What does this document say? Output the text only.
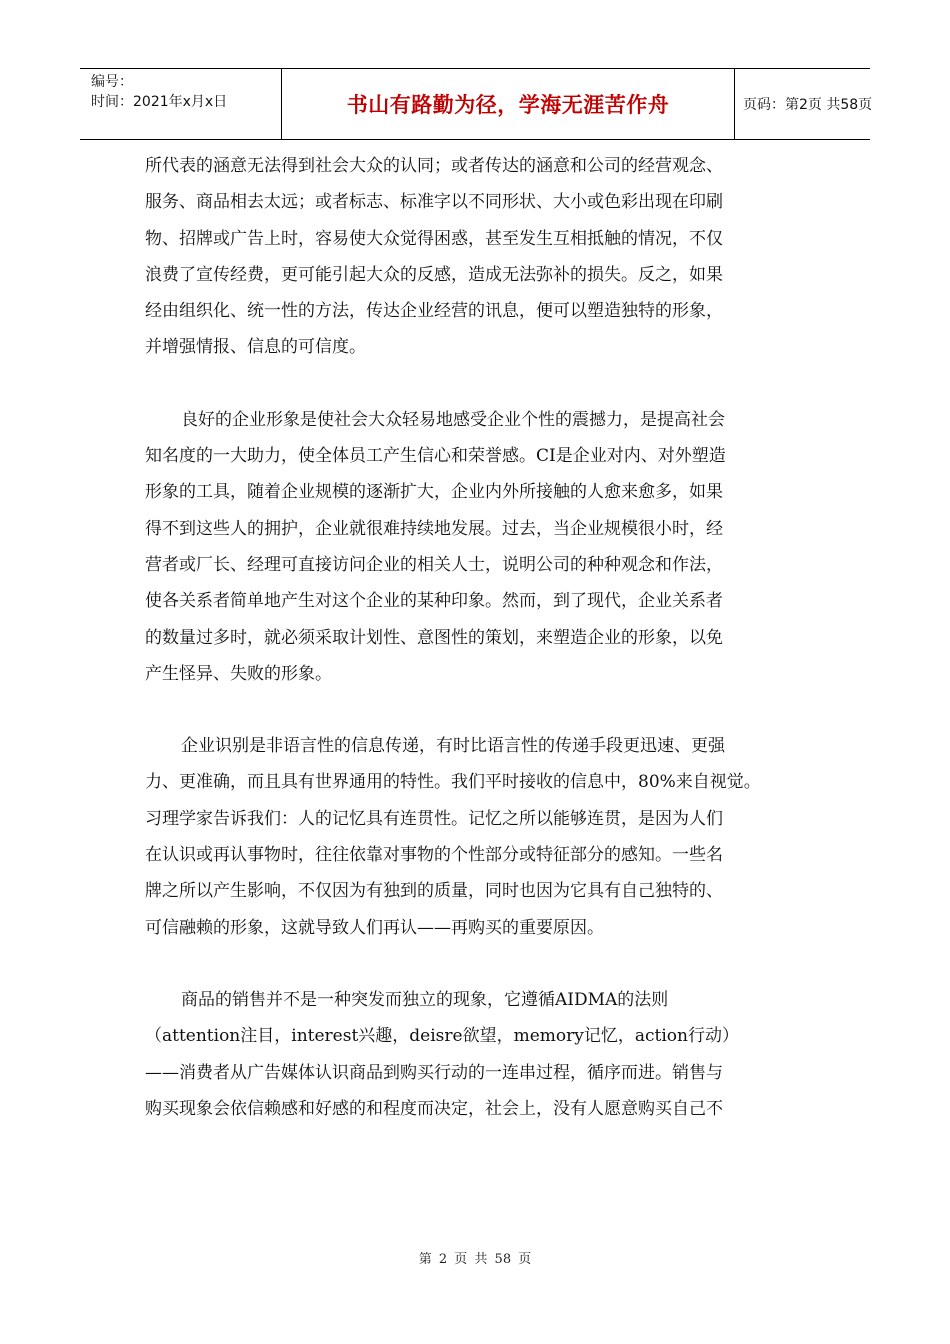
编号：
时间：2021年x月x日	书山有路勤为径，学海无涯苦作舟	页码：第2页 共58页
所代表的涵意无法得到社会大众的认同；或者传达的涵意和公司的经营观念、
服务、商品相去太远；或者标志、标准字以不同形状、大小或色彩出现在印刷
物、招牌或广告上时，容易使大众觉得困惑，甚至发生互相抵触的情况，不仅
浪费了宣传经费，更可能引起大众的反感，造成无法弥补的损失。反之，如果
经由组织化、统一性的方法，传达企业经营的讯息，便可以塑造独特的形象，
并增强情报、信息的可信度。
良好的企业形象是使社会大众轻易地感受企业个性的震撼力，是提高社会
知名度的一大助力，使全体员工产生信心和荣誉感。CI是企业对内、对外塑造
形象的工具，随着企业规模的逐渐扩大，企业内外所接触的人愈来愈多，如果
得不到这些人的拥护，企业就很难持续地发展。过去，当企业规模很小时，经
营者或厂长、经理可直接访问企业的相关人士，说明公司的种种观念和作法，
使各关系者简单地产生对这个企业的某种印象。然而，到了现代，企业关系者
的数量过多时，就必须采取计划性、意图性的策划，来塑造企业的形象，以免
产生怪异、失败的形象。
企业识别是非语言性的信息传递，有时比语言性的传递手段更迅速、更强
力、更准确，而且具有世界通用的特性。我们平时接收的信息中，80%来自视觉。
习理学家告诉我们：人的记忆具有连贯性。记忆之所以能够连贯，是因为人们
在认识或再认事物时，往往依靠对事物的个性部分或特征部分的感知。一些名
牌之所以产生影响，不仅因为有独到的质量，同时也因为它具有自己独特的、
可信融赖的形象，这就导致人们再认——再购买的重要原因。
商品的销售并不是一种突发而独立的现象，它遵循AIDMA的法则
（attention注目，interest兴趣，deisre欲望，memory记忆，action行动）
——消费者从广告媒体认识商品到购买行动的一连串过程，循序而进。销售与
购买现象会依信赖感和好感的和程度而决定，社会上，没有人愿意购买自己不
第 2 页 共 58 页
